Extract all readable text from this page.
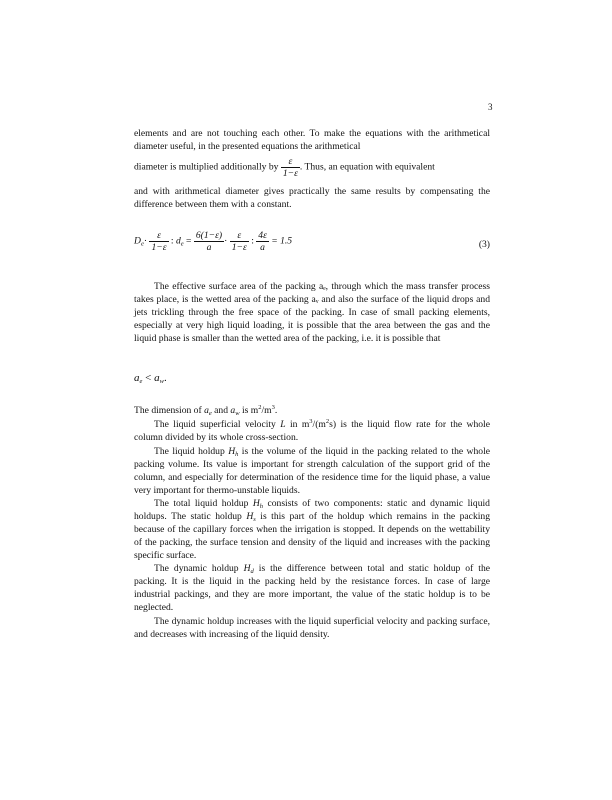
3
elements and are not touching each other. To make the equations with the arithmetical diameter useful, in the presented equations the arithmetical
diameter is multiplied additionally by $\frac{\varepsilon}{1-\varepsilon}$ . Thus, an equation with equivalent
and with arithmetical diameter gives practically the same results by compensating the difference between them with a constant.
$D_e\cdot \frac{\varepsilon}{1-\varepsilon}$ : $d_e = \frac{6(1-\varepsilon)}{a} \cdot \frac{\varepsilon}{1-\varepsilon}$ : $\frac{4\varepsilon}{a} = 1.5$	(3)
The effective surface area of the packing aₑ, through which the mass transfer process takes place, is the wetted area of the packing aᵥ and also the surface of the liquid drops and jets trickling through the free space of the packing. In case of small packing elements, especially at very high liquid loading, it is possible that the area between the gas and the liquid phase is smaller than the wetted area of the packing, i.e. it is possible that
$a_e < a_w$.
The dimension of $a_e$ and $a_w$ is $m^2/m^3$.
The liquid superficial velocity L in $m^3/(m^2s)$ is the liquid flow rate for the whole column divided by its whole cross-section.
The liquid holdup $H_h$ is the volume of the liquid in the packing related to the whole packing volume. Its value is important for strength calculation of the support grid of the column, and especially for determination of the residence time for the liquid phase, a value very important for thermo-unstable liquids.
The total liquid holdup $H_h$ consists of two components: static and dynamic liquid holdups. The static holdup $H_s$ is this part of the holdup which remains in the packing because of the capillary forces when the irrigation is stopped. It depends on the wettability of the packing, the surface tension and density of the liquid and increases with the packing specific surface.
The dynamic holdup $H_d$ is the difference between total and static holdup of the packing. It is the liquid in the packing held by the resistance forces. In case of large industrial packings, and they are more important, the value of the static holdup is to be neglected.
The dynamic holdup increases with the liquid superficial velocity and packing surface, and decreases with increasing of the liquid density.
